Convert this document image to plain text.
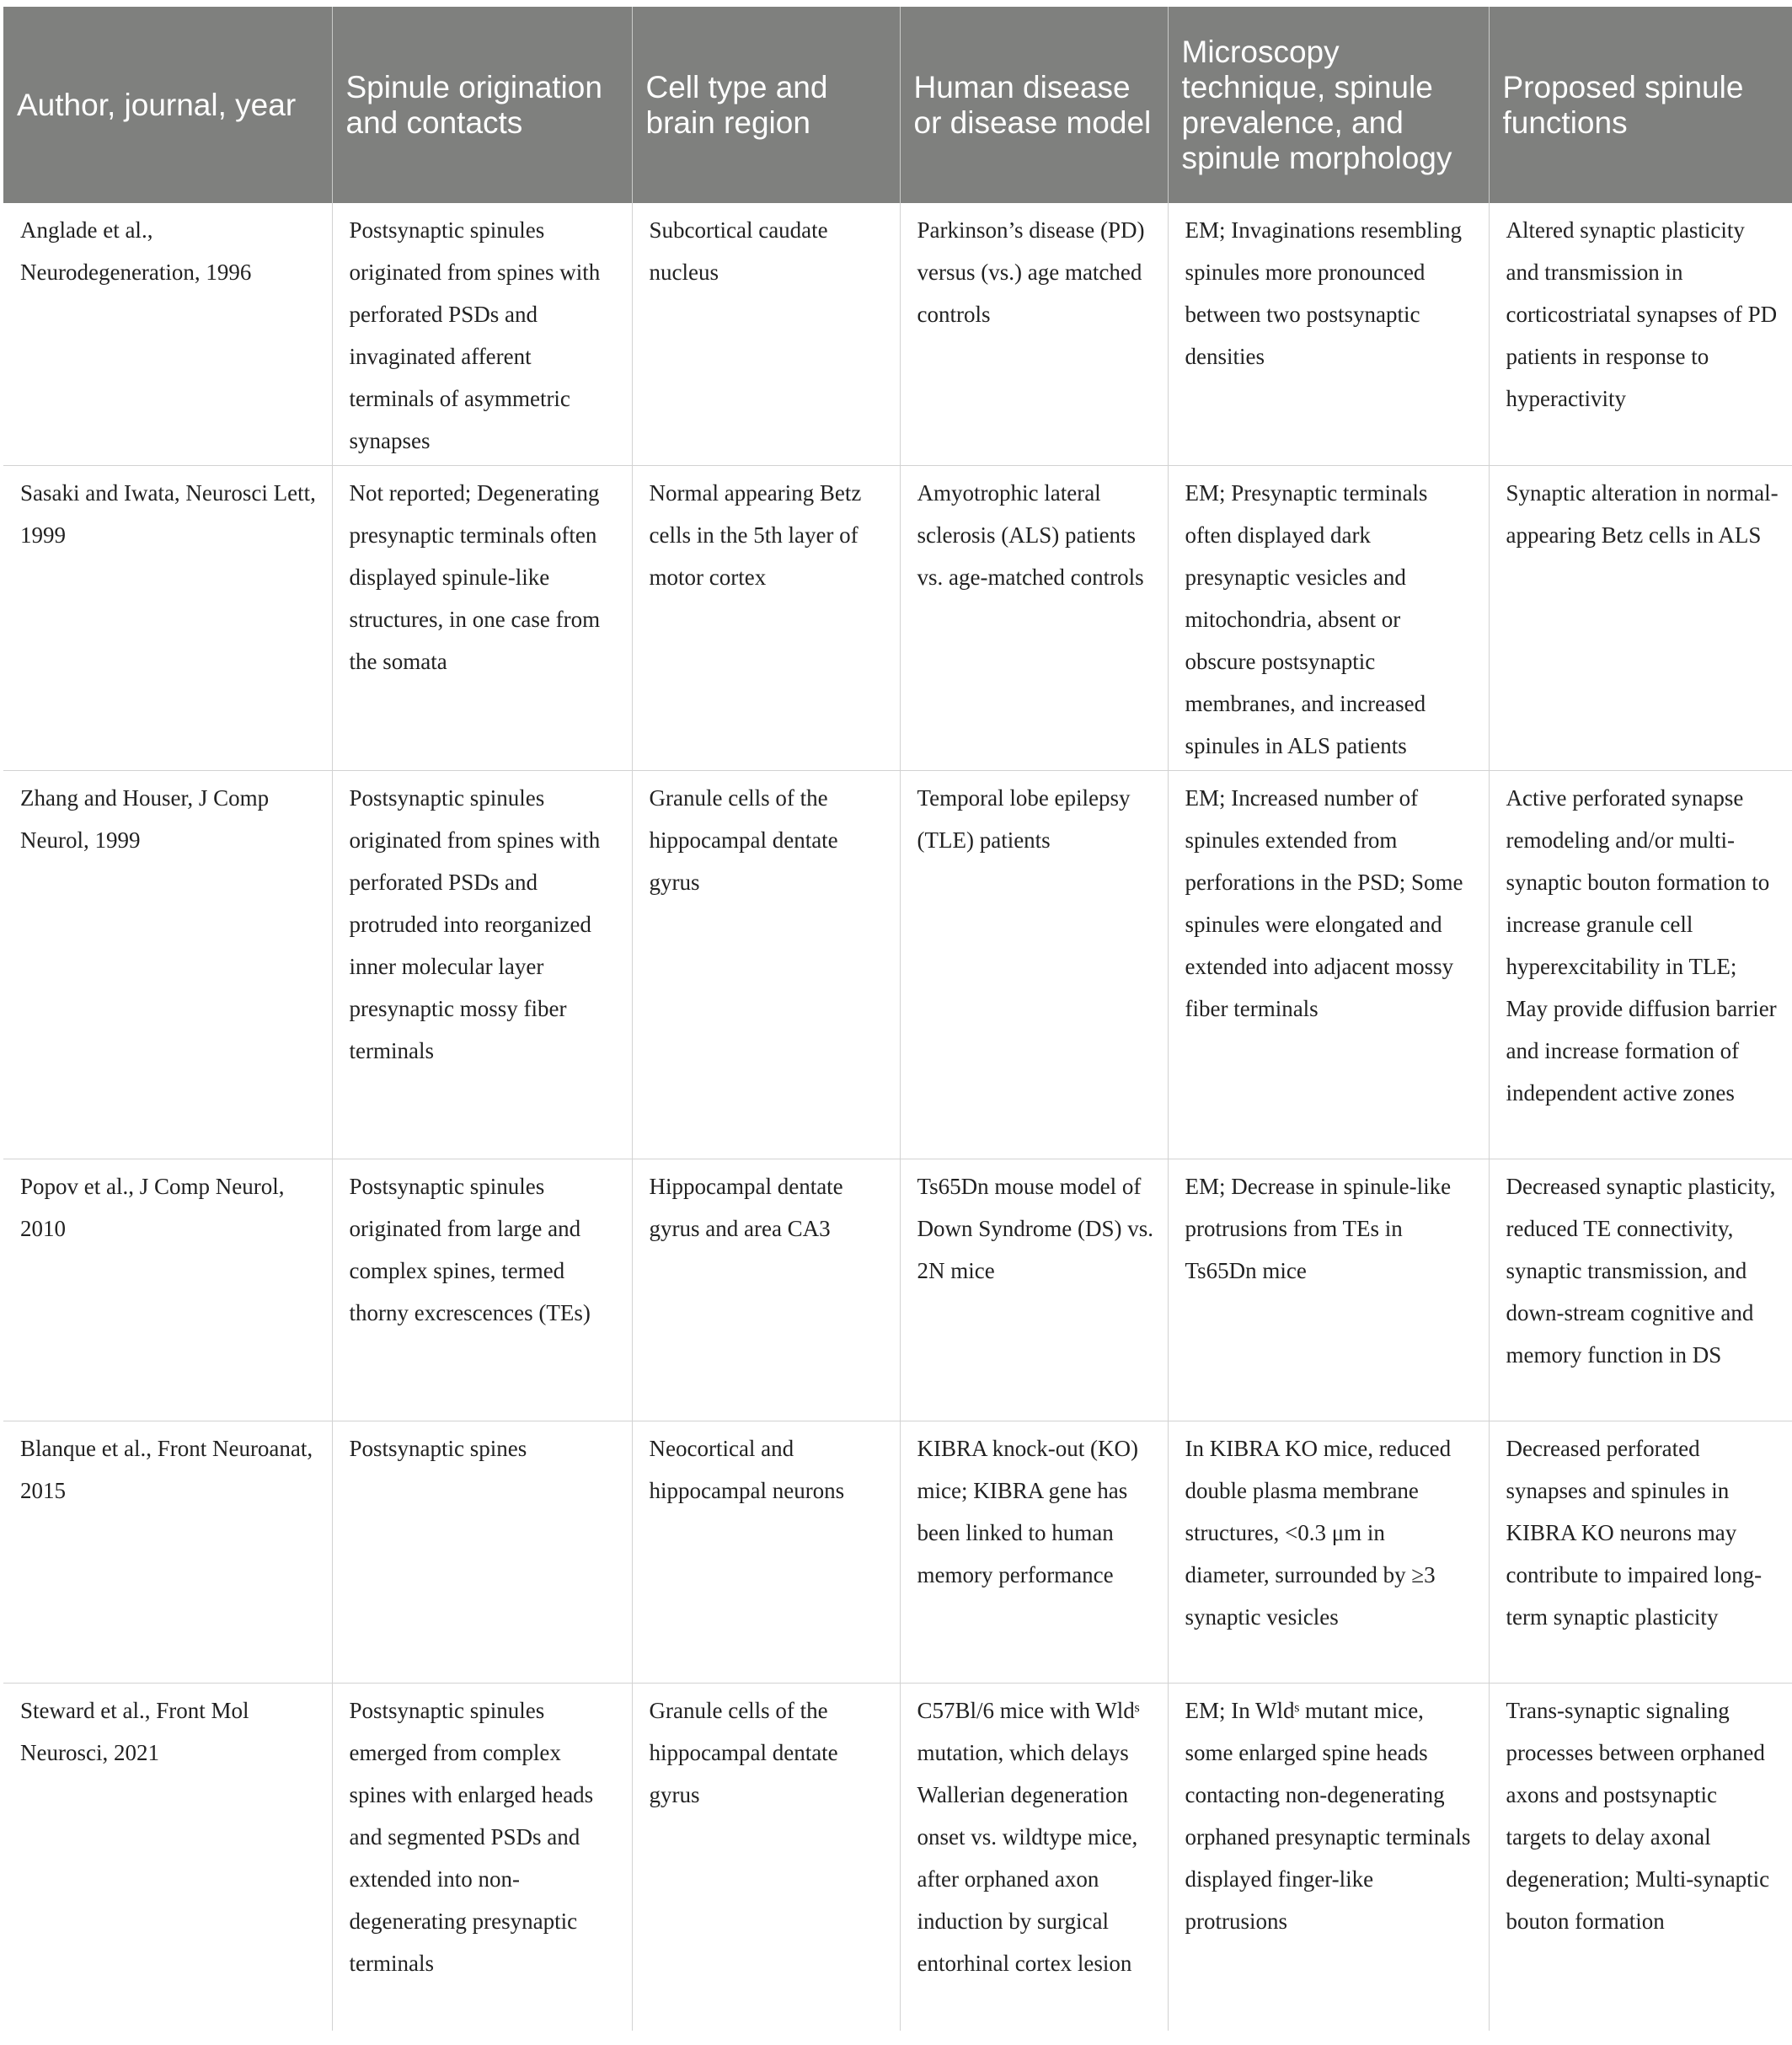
Author, journal, year	Spinule origination and contacts	Cell type and brain region	Human disease or disease model	Microscopy technique, spinule prevalence, and spinule morphology	Proposed spinule functions
Anglade et al., Neurodegeneration, 1996	Postsynaptic spinules originated from spines with perforated PSDs and invaginated afferent terminals of asymmetric synapses	Subcortical caudate nucleus	Parkinson’s disease (PD) versus (vs.) age matched controls	EM; Invaginations resembling spinules more pronounced between two postsynaptic densities	Altered synaptic plasticity and transmission in corticostriatal synapses of PD patients in response to hyperactivity
Sasaki and Iwata, Neurosci Lett, 1999	Not reported; Degenerating presynaptic terminals often displayed spinule-like structures, in one case from the somata	Normal appearing Betz cells in the 5th layer of motor cortex	Amyotrophic lateral sclerosis (ALS) patients vs. age-matched controls	EM; Presynaptic terminals often displayed dark presynaptic vesicles and mitochondria, absent or obscure postsynaptic membranes, and increased spinules in ALS patients	Synaptic alteration in normal-appearing Betz cells in ALS
Zhang and Houser, J Comp Neurol, 1999	Postsynaptic spinules originated from spines with perforated PSDs and protruded into reorganized inner molecular layer presynaptic mossy fiber terminals	Granule cells of the hippocampal dentate gyrus	Temporal lobe epilepsy (TLE) patients	EM; Increased number of spinules extended from perforations in the PSD; Some spinules were elongated and extended into adjacent mossy fiber terminals	Active perforated synapse remodeling and/or multi-synaptic bouton formation to increase granule cell hyperexcitability in TLE; May provide diffusion barrier and increase formation of independent active zones
Popov et al., J Comp Neurol, 2010	Postsynaptic spinules originated from large and complex spines, termed thorny excrescences (TEs)	Hippocampal dentate gyrus and area CA3	Ts65Dn mouse model of Down Syndrome (DS) vs. 2N mice	EM; Decrease in spinule-like protrusions from TEs in Ts65Dn mice	Decreased synaptic plasticity, reduced TE connectivity, synaptic transmission, and down-stream cognitive and memory function in DS
Blanque et al., Front Neuroanat, 2015	Postsynaptic spines	Neocortical and hippocampal neurons	KIBRA knock-out (KO) mice; KIBRA gene has been linked to human memory performance	In KIBRA KO mice, reduced double plasma membrane structures, <0.3 μm in diameter, surrounded by ≥3 synaptic vesicles	Decreased perforated synapses and spinules in KIBRA KO neurons may contribute to impaired long-term synaptic plasticity
Steward et al., Front Mol Neurosci, 2021	Postsynaptic spinules emerged from complex spines with enlarged heads and segmented PSDs and extended into non-degenerating presynaptic terminals	Granule cells of the hippocampal dentate gyrus	C57Bl/6 mice with Wldˢ mutation, which delays Wallerian degeneration onset vs. wildtype mice, after orphaned axon induction by surgical entorhinal cortex lesion	EM; In Wldˢ mutant mice, some enlarged spine heads contacting non-degenerating orphaned presynaptic terminals displayed finger-like protrusions	Trans-synaptic signaling processes between orphaned axons and postsynaptic targets to delay axonal degeneration; Multi-synaptic bouton formation
